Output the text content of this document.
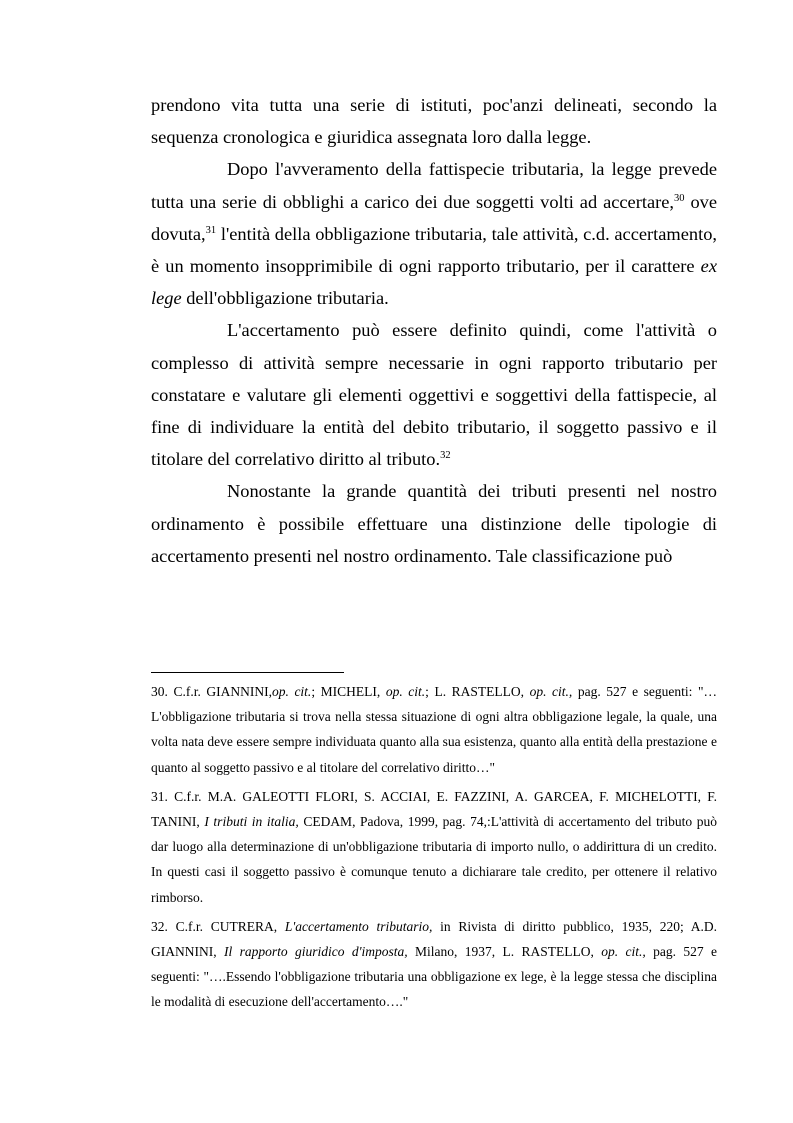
prendono vita tutta una serie di istituti, poc'anzi delineati, secondo la sequenza cronologica e giuridica assegnata loro dalla legge.

Dopo l'avveramento della fattispecie tributaria, la legge prevede tutta una serie di obblighi a carico dei due soggetti volti ad accertare,$^{30}$ ove dovuta,$^{31}$ l'entità della obbligazione tributaria, tale attività, c.d. accertamento, è un momento insopprimibile di ogni rapporto tributario, per il carattere ex lege dell'obbligazione tributaria.

L'accertamento può essere definito quindi, come l'attività o complesso di attività sempre necessarie in ogni rapporto tributario per constatare e valutare gli elementi oggettivi e soggettivi della fattispecie, al fine di individuare la entità del debito tributario, il soggetto passivo e il titolare del correlativo diritto al tributo.$^{32}$

Nonostante la grande quantità dei tributi presenti nel nostro ordinamento è possibile effettuare una distinzione delle tipologie di accertamento presenti nel nostro ordinamento. Tale classificazione può

30. C.f.r. GIANNINI,op. cit.; MICHELI, op. cit.; L. RASTELLO, op. cit., pag. 527 e seguenti: "…L'obbligazione tributaria si trova nella stessa situazione di ogni altra obbligazione legale, la quale, una volta nata deve essere sempre individuata quanto alla sua esistenza, quanto alla entità della prestazione e quanto al soggetto passivo e al titolare del correlativo diritto…"

31. C.f.r. M.A. GALEOTTI FLORI, S. ACCIAI, E. FAZZINI, A. GARCEA, F. MICHELOTTI, F. TANINI, I tributi in italia, CEDAM, Padova, 1999, pag. 74,:L'attività di accertamento del tributo può dar luogo alla determinazione di un'obbligazione tributaria di importo nullo, o addirittura di un credito. In questi casi il soggetto passivo è comunque tenuto a dichiarare tale credito, per ottenere il relativo rimborso.

32. C.f.r. CUTRERA, L'accertamento tributario, in Rivista di diritto pubblico, 1935, 220; A.D. GIANNINI, Il rapporto giuridico d'imposta, Milano, 1937, L. RASTELLO, op. cit., pag. 527 e seguenti: "….Essendo l'obbligazione tributaria una obbligazione ex lege, è la legge stessa che disciplina le modalità di esecuzione dell'accertamento…."
